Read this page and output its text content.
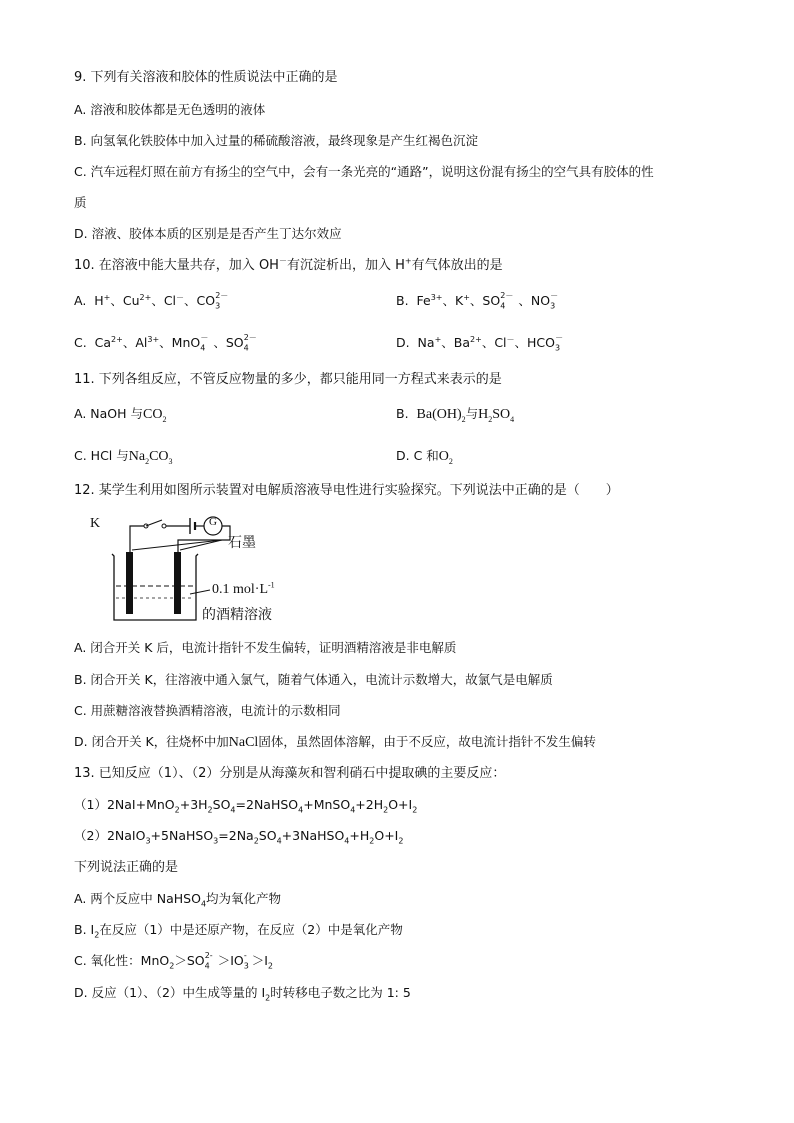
9. 下列有关溶液和胶体的性质说法中正确的是
A. 溶液和胶体都是无色透明的液体
B. 向氢氧化铁胶体中加入过量的稀硫酸溶液，最终现象是产生红褐色沉淀
C. 汽车远程灯照在前方有扬尘的空气中，会有一条光亮的“通路”，说明这份混有扬尘的空气具有胶体的性
质
D. 溶液、胶体本质的区别是是否产生丁达尔效应
10. 在溶液中能大量共存，加入 OH－有沉淀析出，加入 H+有气体放出的是
A.  H+、$Cu^{2+}$、Cl－、$CO_3^{2-}$	B.  $Fe^{3+}$、K+、$SO_4^{2-}$ 、$NO_3^-$
C.  $Ca^{2+}$、$Al^{3+}$、MnO$_4$－ 、$SO_4^{2-}$	D.  Na+、$Ba^{2+}$、Cl－、$HCO_3^-$
11. 下列各组反应，不管反应物量的多少，都只能用同一方程式来表示的是
A. NaOH 与$CO_2$	B. $Ba(OH)_2$与$H_2SO_4$
C. HCl 与$Na_2CO_3$	D. C 和$O_2$
12. 某学生利用如图所示装置对电解质溶液导电性进行实验探究。下列说法中正确的是（　　）
K	G
石墨
0.1 $mol\cdot L^{-1}$
的酒精溶液
A. 闭合开关 K 后，电流计指针不发生偏转，证明酒精溶液是非电解质
B. 闭合开关 K，往溶液中通入氯气，随着气体通入，电流计示数增大，故氯气是电解质
C. 用蔗糖溶液替换酒精溶液，电流计的示数相同
D. 闭合开关 K，往烧杯中加NaCl固体，虽然固体溶解，由于不反应，故电流计指针不发生偏转
13. 已知反应（1）、（2）分别是从海藻灰和智利硝石中提取碘的主要反应：
$(1)2NaI+MnO_2+3H_2SO_4=2NaHSO_4+MnSO_4+2H_2O+I_2$
$(2)2NaIO_3+5NaHSO_3=2Na_2SO_4+3NaHSO_4+H_2O+I_2$
下列说法正确的是
A. 两个反应中 NaHSO$_4$均为氧化产物
B. $I_2$在反应（1）中是还原产物，在反应（2）中是氧化产物
C. 氧化性：$MnO_2>SO_4^{2-} >IO_3^- >I_2$
D. 反应（1）、（2）中生成等量的 $I_2$时转移电子数之比为 1: 5
